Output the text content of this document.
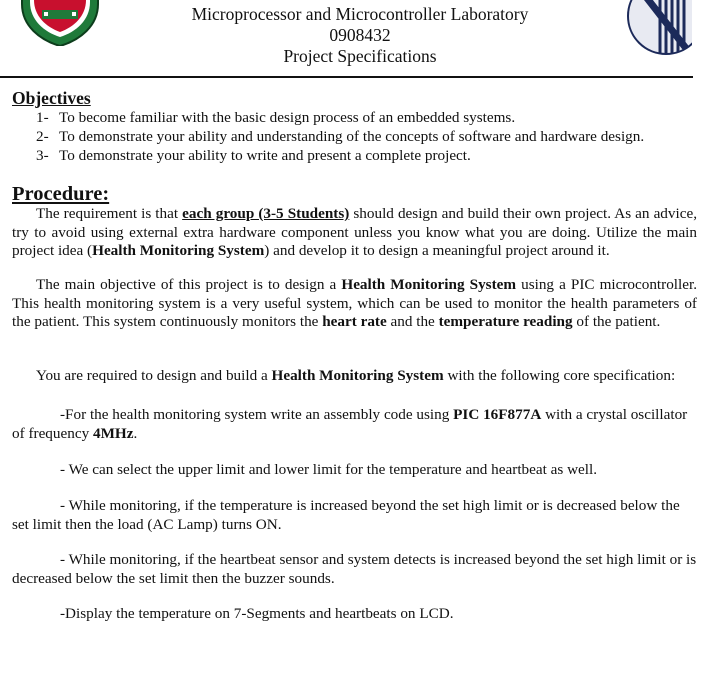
Microprocessor and Microcontroller Laboratory
0908432
Project Specifications
Objectives
1- To become familiar with the basic design process of an embedded systems.
2- To demonstrate your ability and understanding of the concepts of software and hardware design.
3- To demonstrate your ability to write and present a complete project.
Procedure:

The requirement is that each group (3-5 Students) should design and build their own project. As an advice, try to avoid using external extra hardware component unless you know what you are doing. Utilize the main project idea (Health Monitoring System) and develop it to design a meaningful project around it.

The main objective of this project is to design a Health Monitoring System using a PIC microcontroller. This health monitoring system is a very useful system, which can be used to monitor the health parameters of the patient. This system continuously monitors the heart rate and the temperature reading of the patient.

You are required to design and build a Health Monitoring System with the following core specification:

-For the health monitoring system write an assembly code using PIC 16F877A with a crystal oscillator of frequency 4MHz.

- We can select the upper limit and lower limit for the temperature and heartbeat as well.

- While monitoring, if the temperature is increased beyond the set high limit or is decreased below the set limit then the load (AC Lamp) turns ON.

- While monitoring, if the heartbeat sensor and system detects is increased beyond the set high limit or is decreased below the set limit then the buzzer sounds.

-Display the temperature on 7-Segments and heartbeats on LCD.
